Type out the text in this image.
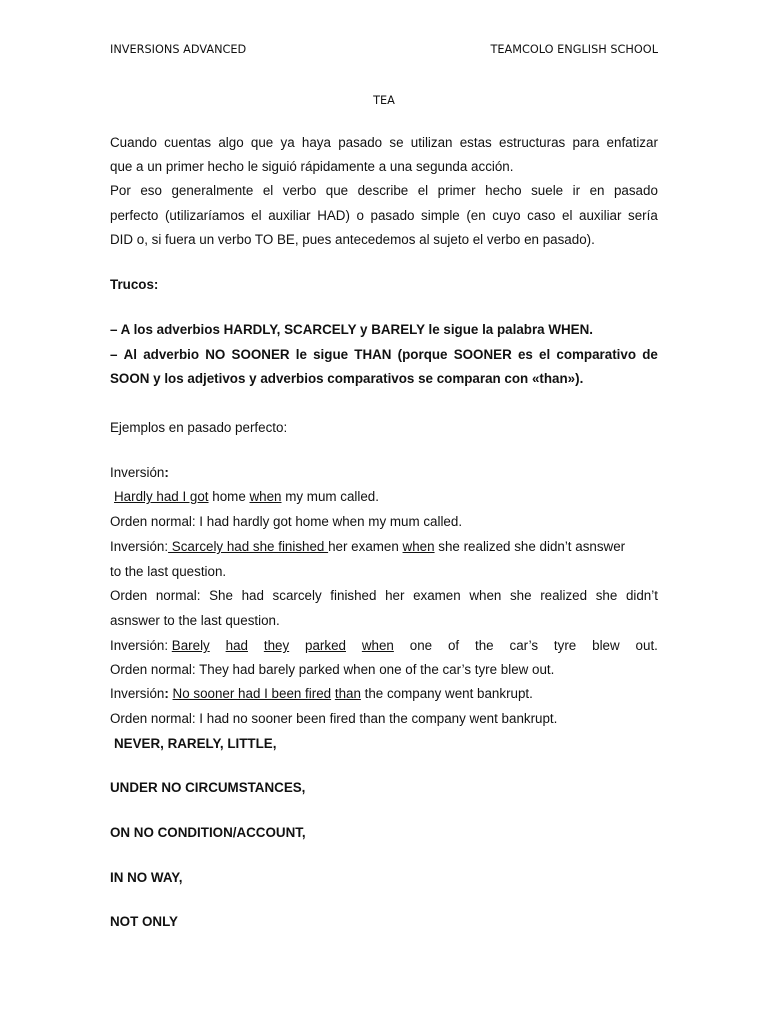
INVERSIONS ADVANCED	TEAMCOLO ENGLISH SCHOOL
TEA
Cuando cuentas algo que ya haya pasado se utilizan estas estructuras para enfatizar
que a un primer hecho le siguió rápidamente a una segunda acción.
Por eso generalmente el verbo que describe el primer hecho suele ir en pasado
perfecto (utilizaríamos el auxiliar HAD) o pasado simple (en cuyo caso el auxiliar sería
DID o, si fuera un verbo TO BE, pues antecedemos al sujeto el verbo en pasado).
Trucos:
– A los adverbios HARDLY, SCARCELY y BARELY le sigue la palabra WHEN.
– Al adverbio NO SOONER le sigue THAN (porque SOONER es el comparativo de
SOON y los adjetivos y adverbios comparativos se comparan con «than»).
Ejemplos en pasado perfecto:
Inversión:
Hardly had I got home when my mum called.
Orden normal: I had hardly got home when my mum called.
Inversión: Scarcely had she finished her examen when she realized she didn’t asnswer
to the last question.
Orden normal: She had scarcely finished her examen when she realized she didn’t
asnswer to the last question.
Inversión: Barely had they parked when one of the car’s tyre blew out.
Orden normal: They had barely parked when one of the car’s tyre blew out.
Inversión: No sooner had I been fired than the company went bankrupt.
Orden normal: I had no sooner been fired than the company went bankrupt.
NEVER, RARELY, LITTLE,
UNDER NO CIRCUMSTANCES,
ON NO CONDITION/ACCOUNT,
IN NO WAY,
NOT ONLY
